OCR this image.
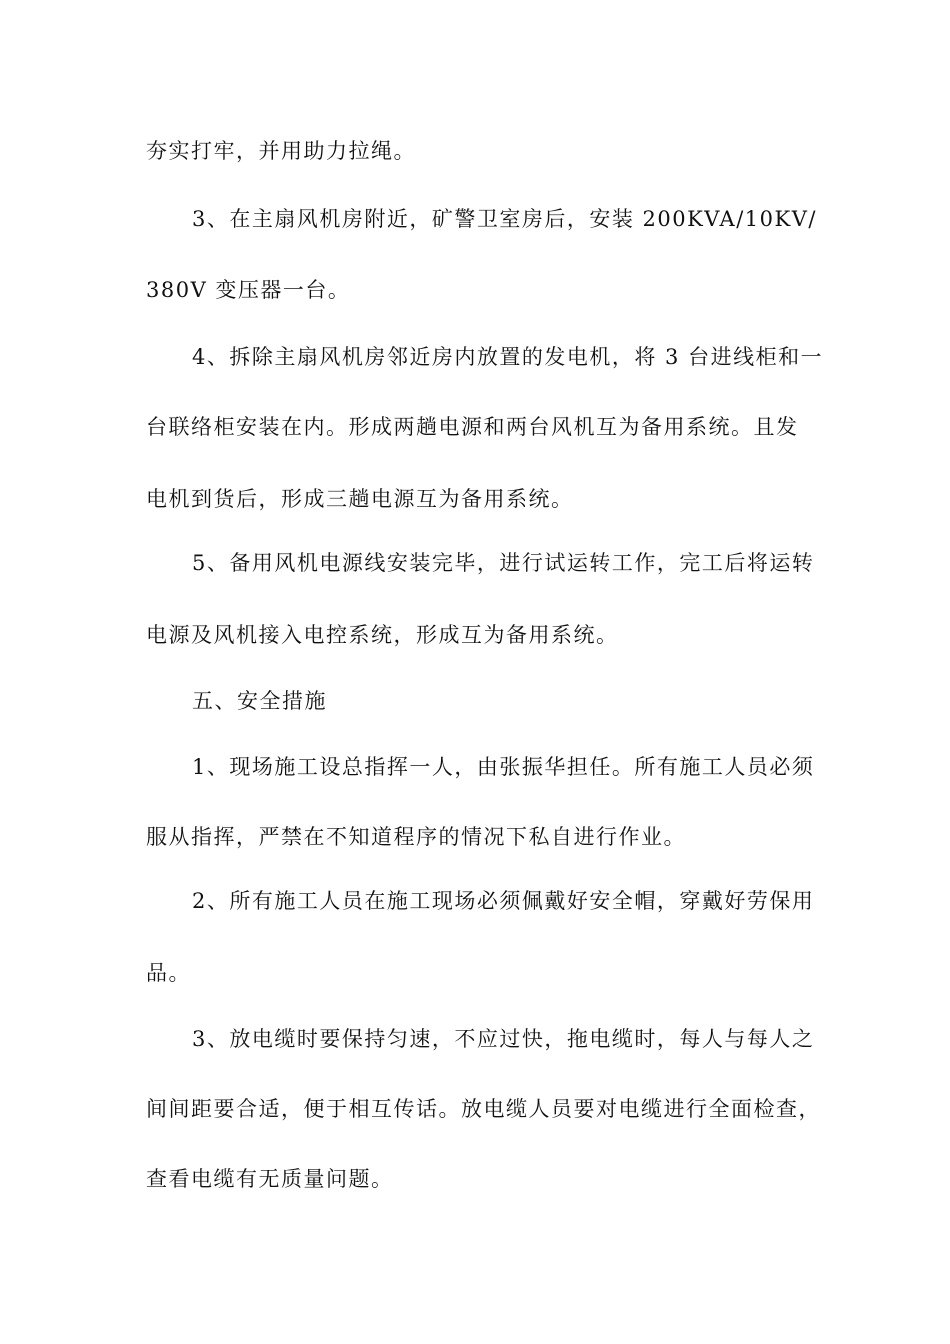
夯实打牢，并用助力拉绳。
3、在主扇风机房附近，矿警卫室房后，安装 200KVA/10KV/
380V 变压器一台。
4、拆除主扇风机房邻近房内放置的发电机，将 3 台进线柜和一
台联络柜安装在内。形成两趟电源和两台风机互为备用系统。且发
电机到货后，形成三趟电源互为备用系统。
5、备用风机电源线安装完毕，进行试运转工作，完工后将运转
电源及风机接入电控系统，形成互为备用系统。
五、安全措施
1、现场施工设总指挥一人，由张振华担任。所有施工人员必须
服从指挥，严禁在不知道程序的情况下私自进行作业。
2、所有施工人员在施工现场必须佩戴好安全帽，穿戴好劳保用
品。
3、放电缆时要保持匀速，不应过快，拖电缆时，每人与每人之
间间距要合适，便于相互传话。放电缆人员要对电缆进行全面检查，
查看电缆有无质量问题。
